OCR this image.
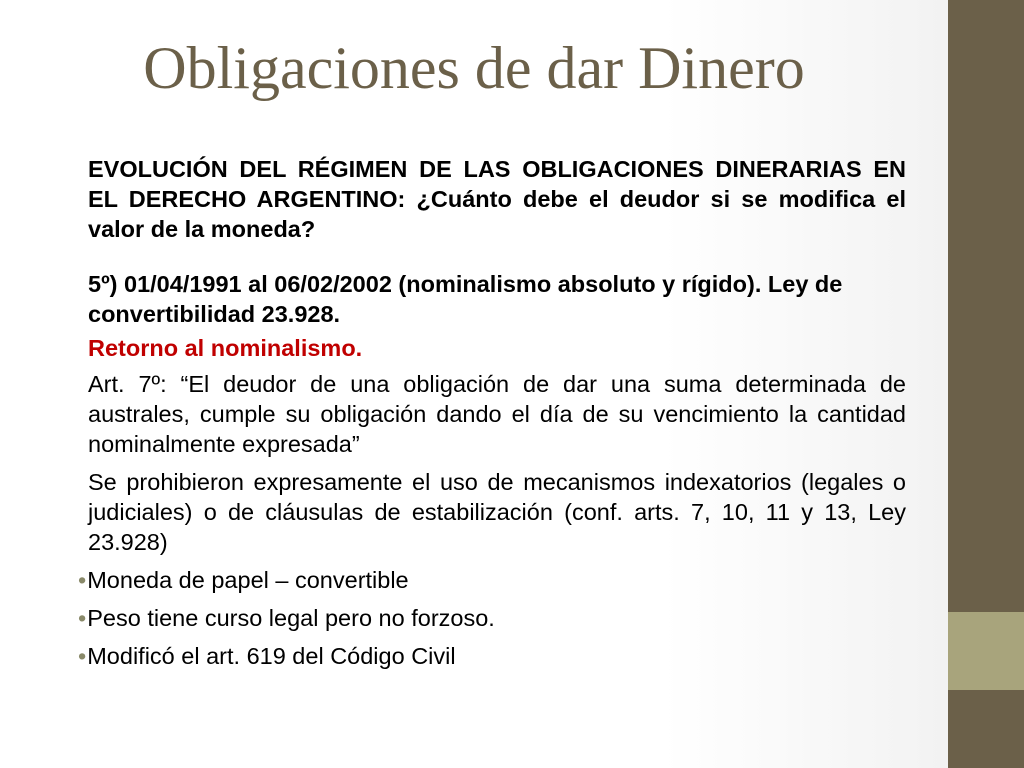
Obligaciones de dar Dinero

EVOLUCIÓN DEL RÉGIMEN DE LAS OBLIGACIONES DINERARIAS EN EL DERECHO ARGENTINO: ¿Cuánto debe el deudor si se modifica el valor de la moneda?

5º) 01/04/1991 al 06/02/2002 (nominalismo absoluto y rígido). Ley de convertibilidad 23.928.

Retorno al nominalismo.

Art. 7º: “El deudor de una obligación de dar una suma determinada de australes, cumple su obligación dando el día de su vencimiento la cantidad nominalmente expresada”

Se prohibieron expresamente el uso de mecanismos indexatorios (legales o judiciales) o de cláusulas de estabilización (conf. arts. 7, 10, 11 y 13, Ley 23.928)

•Moneda de papel – convertible
•Peso tiene curso legal pero no forzoso.
•Modificó el art. 619 del Código Civil
